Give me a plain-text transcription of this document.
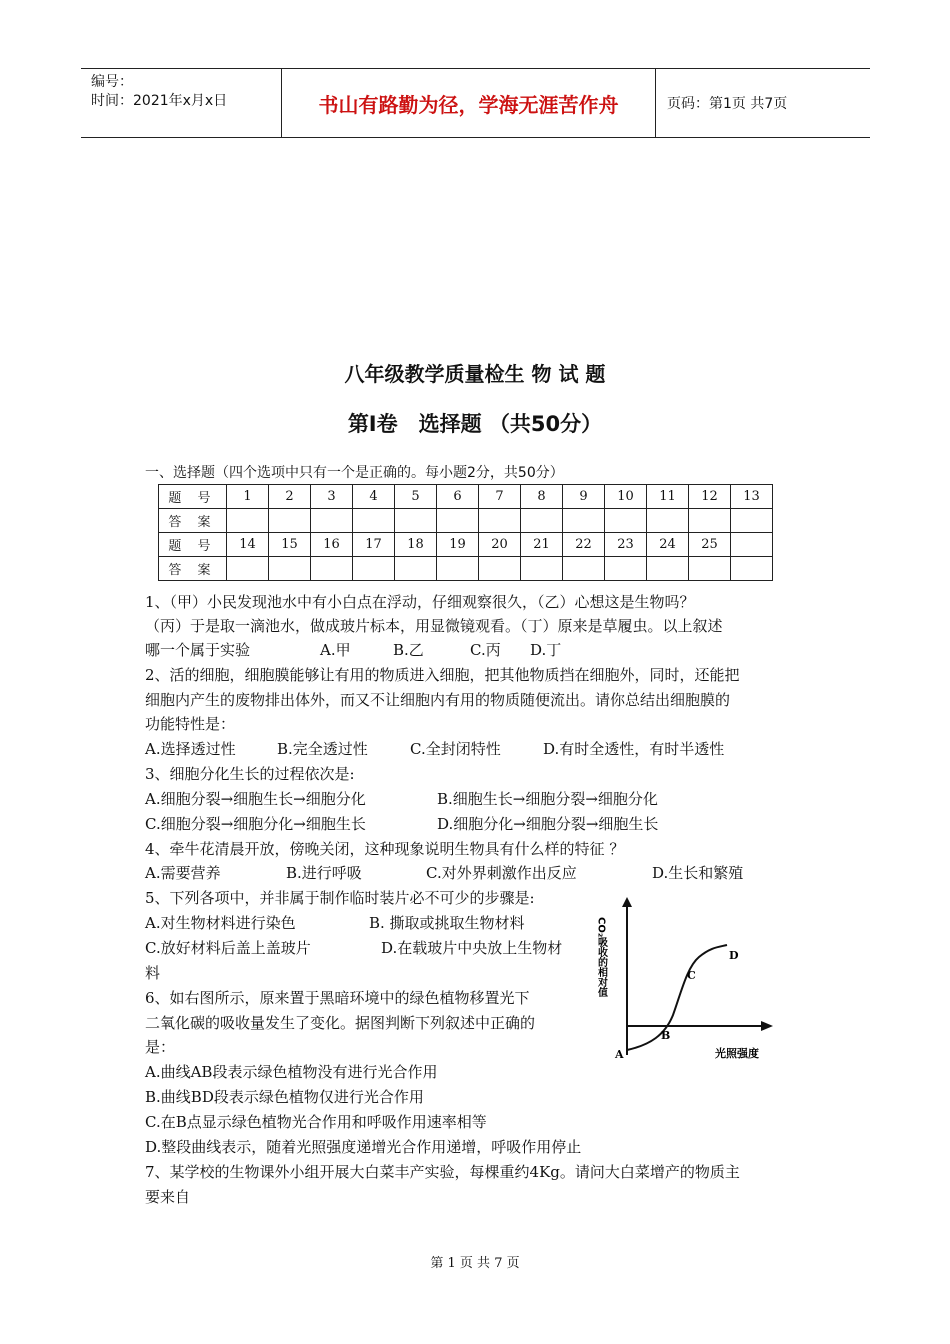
编号：
时间：2021年x月x日	书山有路勤为径，学海无涯苦作舟	页码：第1页 共7页
八年级教学质量检生 物 试 题
第Ⅰ卷　选择题 （共50分）
一、选择题（四个选项中只有一个是正确的。每小题2分，共50分）
题 号	1	2	3	4	5	6	7	8	9	10	11	12	13
答 案													
题 号	14	15	16	17	18	19	20	21	22	23	24	25	
答 案													
1、（甲）小民发现池水中有小白点在浮动，仔细观察很久，（乙）心想这是生物吗？
（丙）于是取一滴池水，做成玻片标本，用显微镜观看。（丁）原来是草履虫。以上叙述
哪一个属于实验	A.甲	B.乙	C.丙 D.丁
2、活的细胞，细胞膜能够让有用的物质进入细胞，把其他物质挡在细胞外，同时，还能把
细胞内产生的废物排出体外，而又不让细胞内有用的物质随便流出。请你总结出细胞膜的
功能特性是：
A.选择透过性	B.完全透过性	C.全封闭特性	D.有时全透性，有时半透性
3、细胞分化生长的过程依次是:
A.细胞分裂→细胞生长→细胞分化	B.细胞生长→细胞分裂→细胞分化
C.细胞分裂→细胞分化→细胞生长	D.细胞分化→细胞分裂→细胞生长
4、牵牛花清晨开放，傍晚关闭，这种现象说明生物具有什么样的特征 ？
A.需要营养	B.进行呼吸	C.对外界刺激作出反应	D.生长和繁殖
5、下列各项中，并非属于制作临时装片必不可少的步骤是:
A.对生物材料进行染色	B. 撕取或挑取生物材料
C.放好材料后盖上盖玻片	D.在载玻片中央放上生物材
料
6、如右图所示，原来置于黑暗环境中的绿色植物移置光下
二氧化碳的吸收量发生了变化。据图判断下列叙述中正确的
是：
A.曲线AB段表示绿色植物没有进行光合作用
B.曲线BD段表示绿色植物仅进行光合作用
C.在B点显示绿色植物光合作用和呼吸作用速率相等
D.整段曲线表示，随着光照强度递增光合作用递增，呼吸作用停止
7、某学校的生物课外小组开展大白菜丰产实验，每棵重约4Kg。请问大白菜增产的物质主
要来自
A
B
C
D
CO₂吸收的相对值
光照强度
第 1 页 共 7 页
